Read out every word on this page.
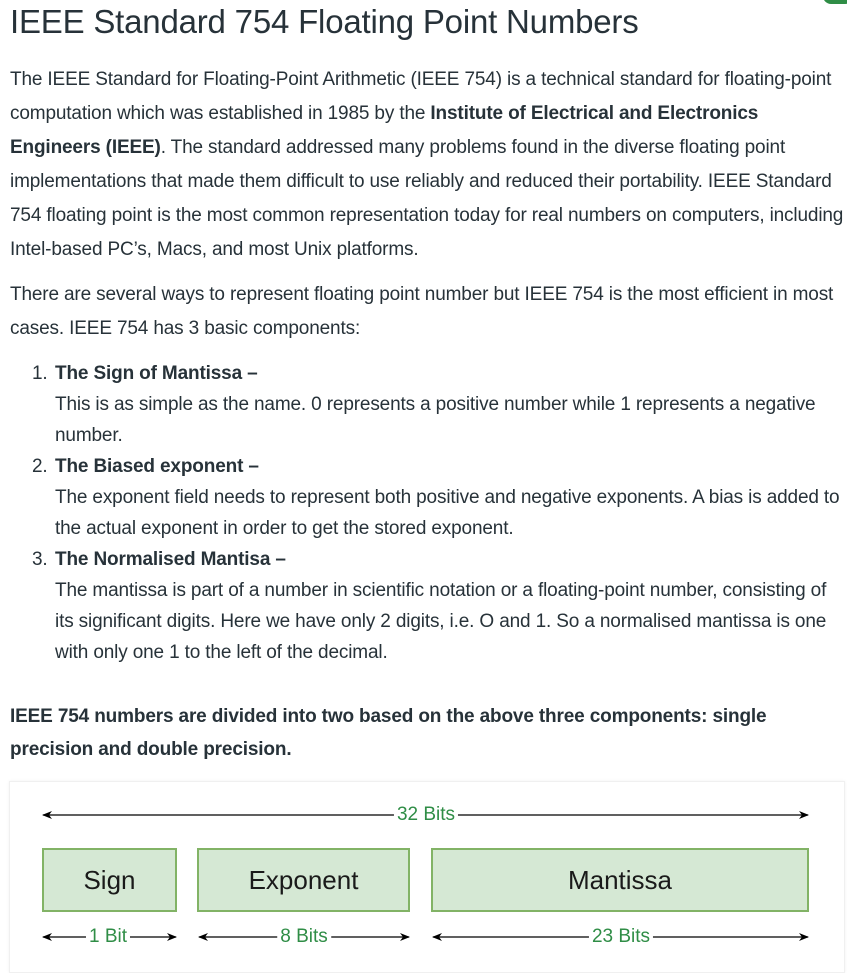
IEEE Standard 754 Floating Point Numbers

The IEEE Standard for Floating-Point Arithmetic (IEEE 754) is a technical standard for floating-point computation which was established in 1985 by the Institute of Electrical and Electronics Engineers (IEEE). The standard addressed many problems found in the diverse floating point implementations that made them difficult to use reliably and reduced their portability. IEEE Standard 754 floating point is the most common representation today for real numbers on computers, including Intel-based PC’s, Macs, and most Unix platforms.

There are several ways to represent floating point number but IEEE 754 is the most efficient in most cases. IEEE 754 has 3 basic components:

1. The Sign of Mantissa –
This is as simple as the name. 0 represents a positive number while 1 represents a negative number.
2. The Biased exponent –
The exponent field needs to represent both positive and negative exponents. A bias is added to the actual exponent in order to get the stored exponent.
3. The Normalised Mantisa –
The mantissa is part of a number in scientific notation or a floating-point number, consisting of its significant digits. Here we have only 2 digits, i.e. O and 1. So a normalised mantissa is one with only one 1 to the left of the decimal.

IEEE 754 numbers are divided into two based on the above three components: single precision and double precision.

32 Bits
Sign	Exponent	Mantissa
1 Bit	8 Bits	23 Bits
